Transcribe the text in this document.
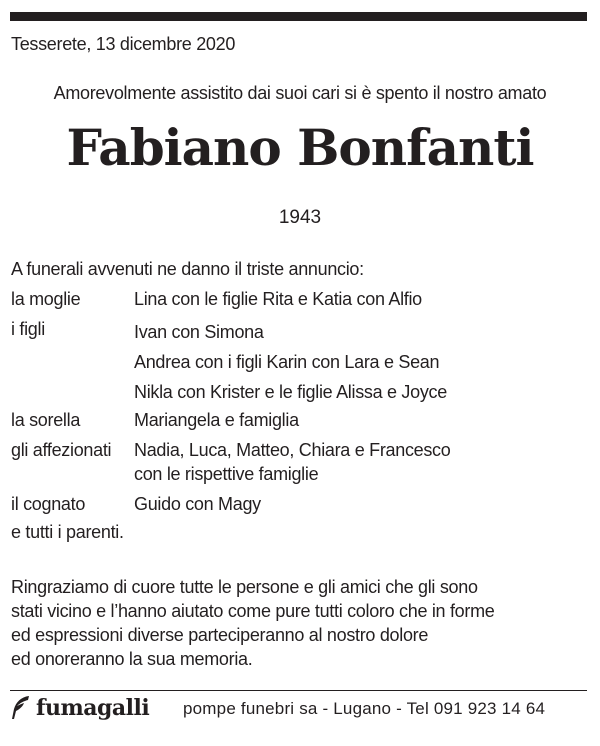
Tesserete, 13 dicembre 2020
Amorevolmente assistito dai suoi cari si è spento il nostro amato
Fabiano Bonfanti
1943
A funerali avvenuti ne danno il triste annuncio:
la moglie	Lina con le figlie Rita e Katia con Alfio
i figli	Ivan con Simona
Andrea con i figli Karin con Lara e Sean
Nikla con Krister e le figlie Alissa e Joyce
la sorella	Mariangela e famiglia
gli affezionati Nadia, Luca, Matteo, Chiara e Francesco
con le rispettive famiglie
il cognato	Guido con Magy
e tutti i parenti.
Ringraziamo di cuore tutte le persone e gli amici che gli sono
stati vicino e l’hanno aiutato come pure tutti coloro che in forme
ed espressioni diverse parteciperanno al nostro dolore
ed onoreranno la sua memoria.
fumagalli pompe funebri sa - Lugano - Tel 091 923 14 64
